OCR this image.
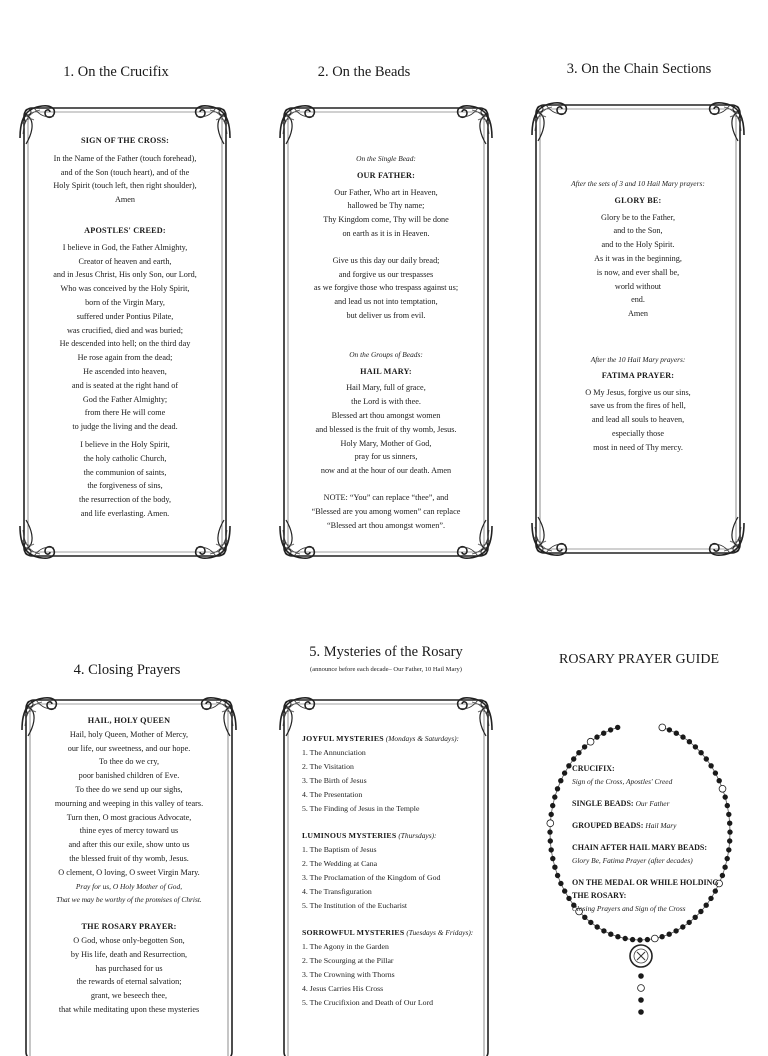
1. On the Crucifix

SIGN OF THE CROSS:

In the Name of the Father (touch forehead),

and of the Son (touch heart), and of the

Holy Spirit (touch left, then right shoulder),

Amen

APOSTLES' CREED:

I believe in God, the Father Almighty,

Creator of heaven and earth,

and in Jesus Christ, His only Son, our Lord,

Who was conceived by the Holy Spirit,

born of the Virgin Mary,

suffered under Pontius Pilate,

was crucified, died and was buried;

He descended into hell; on the third day

He rose again from the dead;

He ascended into heaven,

and is seated at the right hand of

God the Father Almighty;

from there He will come

to judge the living and the dead.

I believe in the Holy Spirit,

the holy catholic Church,

the communion of saints,

the forgiveness of sins,

the resurrection of the body,

and life everlasting. Amen.

2. On the Beads

On the Single Bead:

OUR FATHER:

Our Father, Who art in Heaven,

hallowed be Thy name;

Thy Kingdom come, Thy will be done

on earth as it is in Heaven.

Give us this day our daily bread;

and forgive us our trespasses

as we forgive those who trespass against us;

and lead us not into temptation,

but deliver us from evil.

On the Groups of Beads:

HAIL MARY:

Hail Mary, full of grace,

the Lord is with thee.

Blessed art thou amongst women

and blessed is the fruit of thy womb, Jesus.

Holy Mary, Mother of God,

pray for us sinners,

now and at the hour of our death. Amen

NOTE: “You” can replace “thee”, and

“Blessed are you among women” can replace

“Blessed art thou amongst women”.

3. On the Chain Sections

After the sets of 3 and 10 Hail Mary prayers:

GLORY BE:

Glory be to the Father,

and to the Son,

and to the Holy Spirit.

As it was in the beginning,

is now, and ever shall be,

world without

end.

Amen

After the 10 Hail Mary prayers:

FATIMA PRAYER:

O My Jesus, forgive us our sins,

save us from the fires of hell,

and lead all souls to heaven,

especially those

most in need of Thy mercy.

4. Closing Prayers

HAIL, HOLY QUEEN

Hail, holy Queen, Mother of Mercy,

our life, our sweetness, and our hope.

To thee do we cry,

poor banished children of Eve.

To thee do we send up our sighs,

mourning and weeping in this valley of tears.

Turn then, O most gracious Advocate,

thine eyes of mercy toward us

and after this our exile, show unto us

the blessed fruit of thy womb, Jesus.

O clement, O loving, O sweet Virgin Mary.

Pray for us, O Holy Mother of God,

That we may be worthy of the promises of Christ.

THE ROSARY PRAYER:

O God, whose only-begotten Son,

by His life, death and Resurrection,

has purchased for us

the rewards of eternal salvation;

grant, we beseech thee,

that while meditating upon these mysteries

5. Mysteries of the Rosary
(announce before each decade– Our Father, 10 Hail Mary)

JOYFUL MYSTERIES (Mondays & Saturdays):

1. The Annunciation

2. The Visitation

3. The Birth of Jesus

4. The Presentation

5. The Finding of Jesus in the Temple

LUMINOUS MYSTERIES (Thursdays):

1. The Baptism of Jesus

2. The Wedding at Cana

3. The Proclamation of the Kingdom of God

4. The Transfiguration

5. The Institution of the Eucharist

SORROWFUL MYSTERIES (Tuesdays & Fridays):

1. The Agony in the Garden

2. The Scourging at the Pillar

3. The Crowning with Thorns

4. Jesus Carries His Cross

5. The Crucifixion and Death of Our Lord

ROSARY PRAYER GUIDE
CRUCIFIX:
Sign of the Cross, Apostles' Creed
SINGLE BEADS: Our Father
GROUPED BEADS: Hail Mary
CHAIN AFTER HAIL MARY BEADS:
Glory Be, Fatima Prayer (after decades)
ON THE MEDAL OR WHILE HOLDING THE ROSARY:
Closing Prayers and Sign of the Cross
